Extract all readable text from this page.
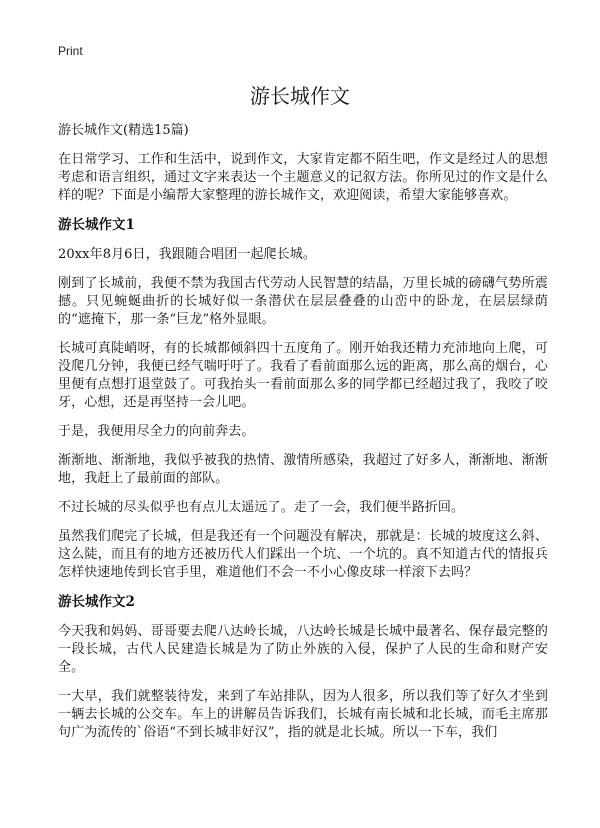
Print
游长城作文
游长城作文(精选15篇)

在日常学习、工作和生活中，说到作文，大家肯定都不陌生吧，作文是经过人的思想考虑和语言组织，通过文字来表达一个主题意义的记叙方法。你所见过的作文是什么样的呢？下面是小编帮大家整理的游长城作文，欢迎阅读，希望大家能够喜欢。

游长城作文1

20xx年8月6日，我跟随合唱团一起爬长城。

刚到了长城前，我便不禁为我国古代劳动人民智慧的结晶，万里长城的磅礴气势所震撼。只见蜿蜒曲折的长城好似一条潜伏在层层叠叠的山峦中的卧龙，在层层绿荫的“遮掩下，那一条“巨龙”格外显眼。

长城可真陡峭呀，有的长城都倾斜四十五度角了。刚开始我还精力充沛地向上爬，可没爬几分钟，我便已经气喘吁吁了。我看了看前面那么远的距离，那么高的烟台，心里便有点想打退堂鼓了。可我抬头一看前面那么多的同学都已经超过我了，我咬了咬牙，心想，还是再坚持一会儿吧。

于是，我便用尽全力的向前奔去。

渐渐地、渐渐地，我似乎被我的热情、激情所感染，我超过了好多人，渐渐地、渐渐地，我赶上了最前面的部队。

不过长城的尽头似乎也有点儿太遥远了。走了一会，我们便半路折回。

虽然我们爬完了长城，但是我还有一个问题没有解决，那就是：长城的坡度这么斜、这么陡，而且有的地方还被历代人们踩出一个坑、一个坑的。真不知道古代的情报兵怎样快速地传到长官手里，难道他们不会一不小心像皮球一样滚下去吗？

游长城作文2

今天我和妈妈、哥哥要去爬八达岭长城，八达岭长城是长城中最著名、保存最完整的一段长城，古代人民建造长城是为了防止外族的入侵，保护了人民的生命和财产安全。

一大早，我们就整装待发，来到了车站排队，因为人很多，所以我们等了好久才坐到一辆去长城的公交车。车上的讲解员告诉我们，长城有南长城和北长城，而毛主席那句广为流传的`俗语“不到长城非好汉”，指的就是北长城。所以一下车，我们
